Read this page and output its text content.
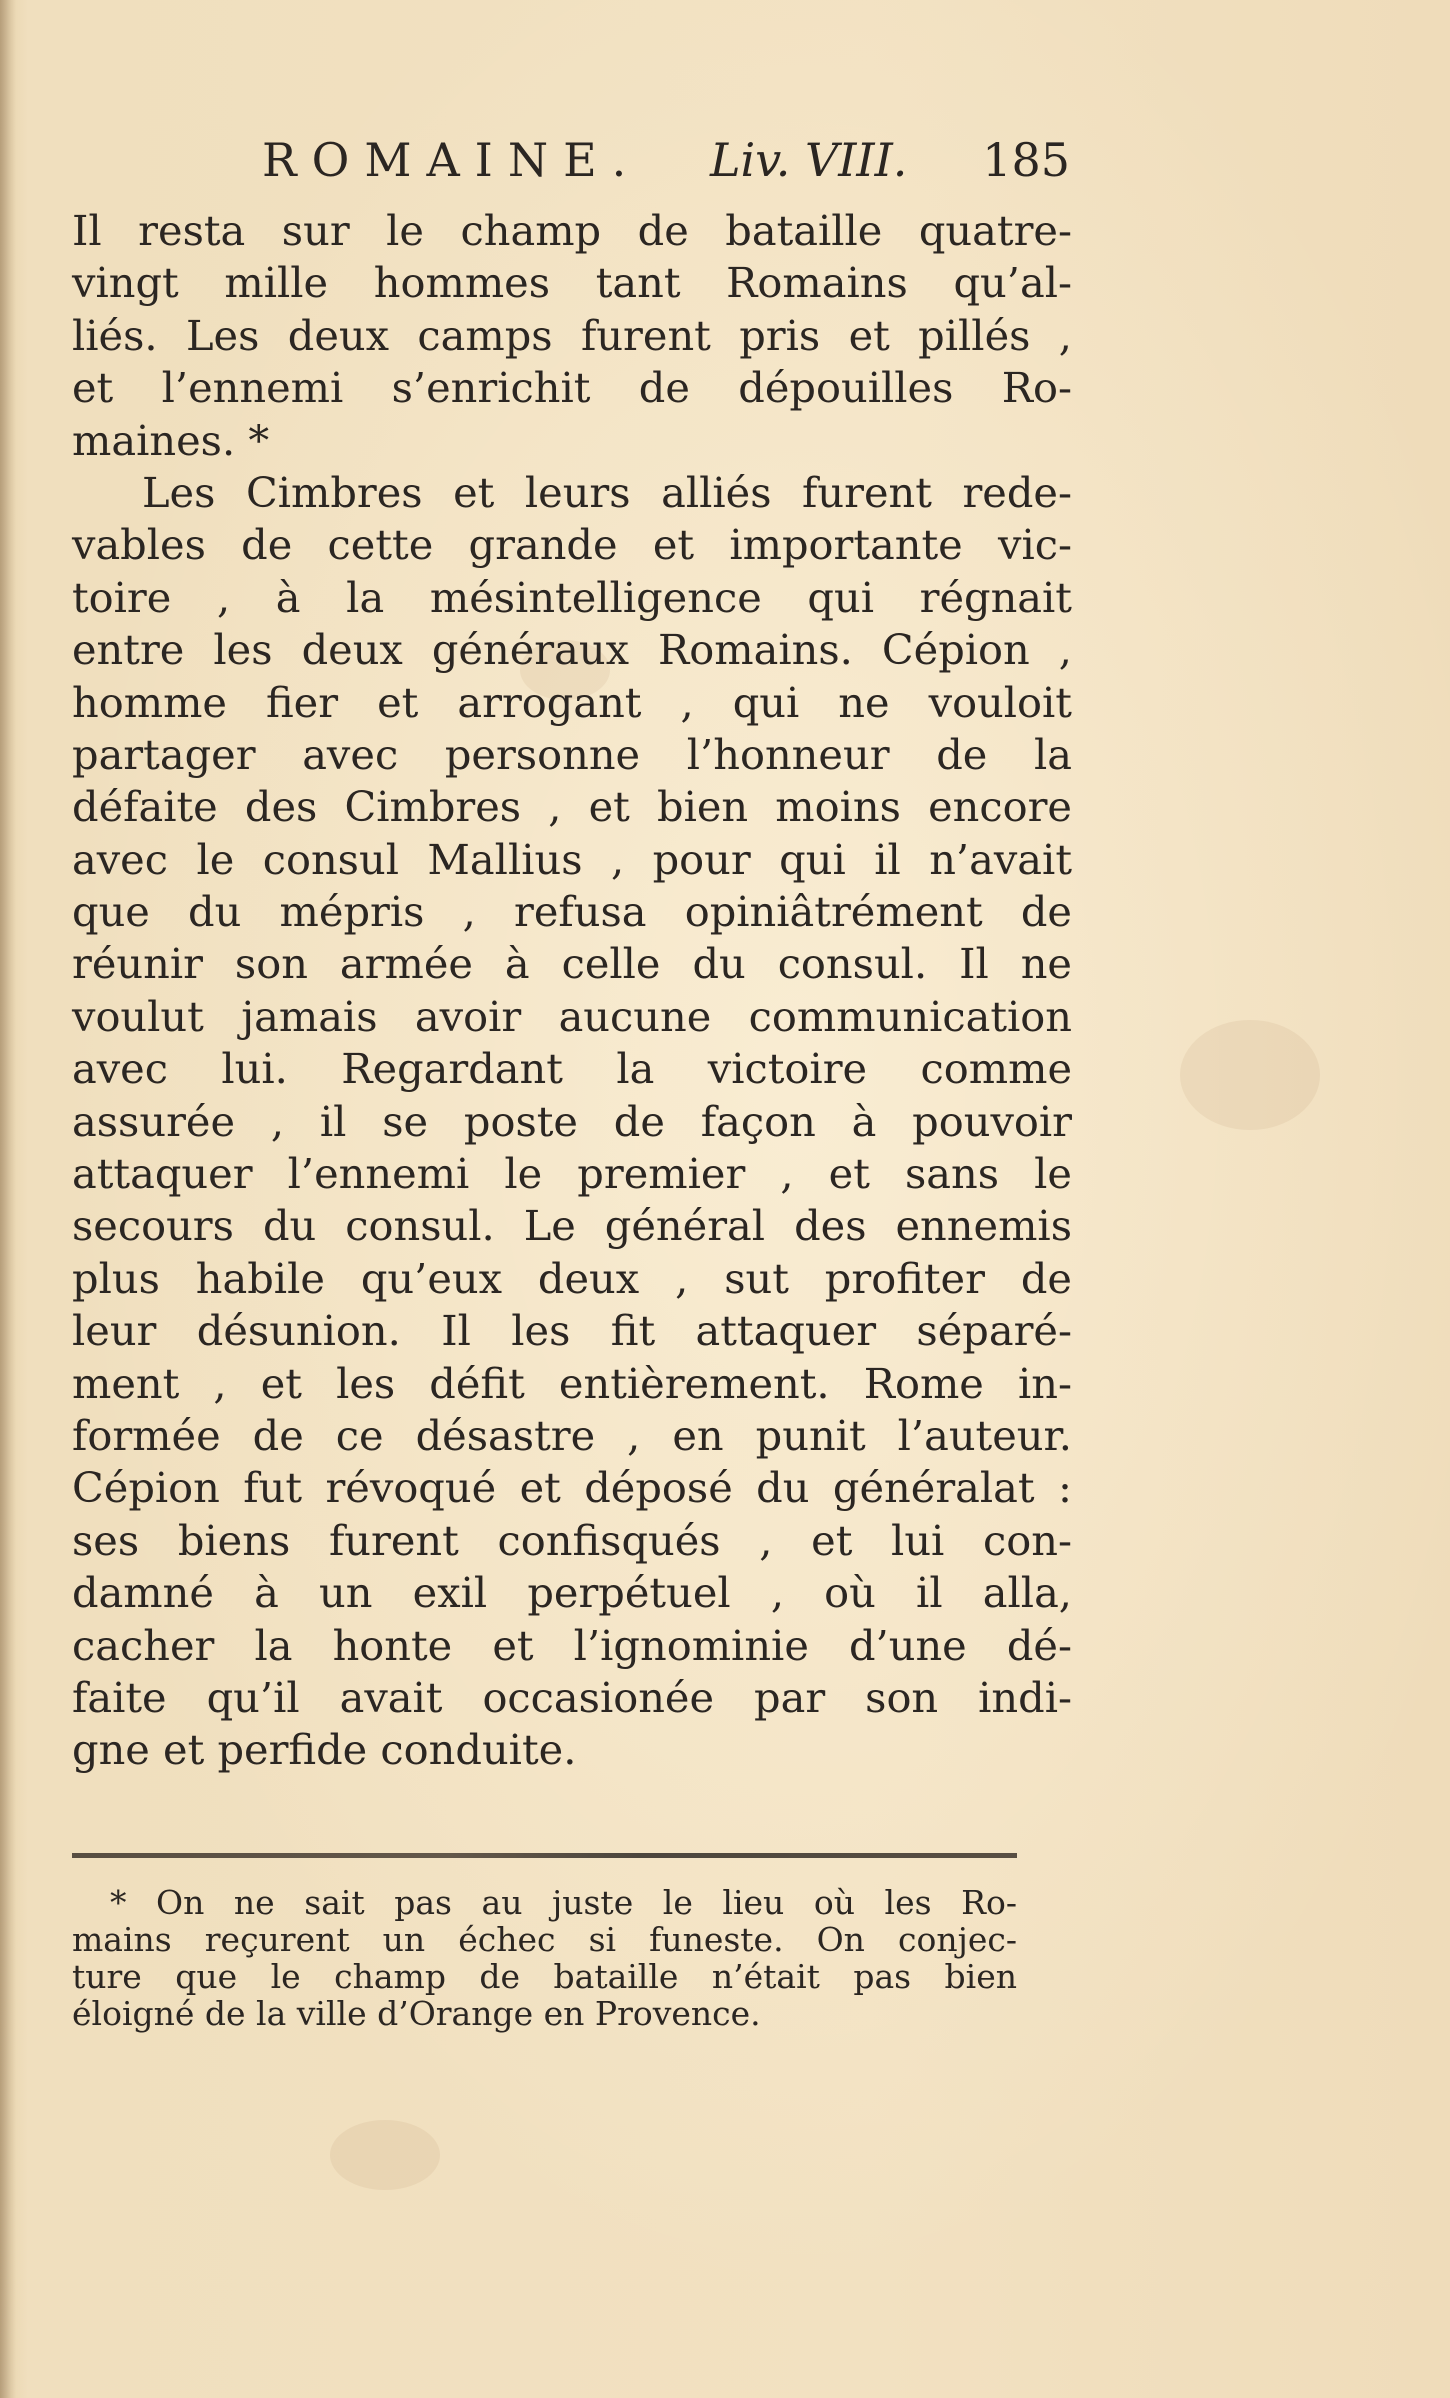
ROMAINE. Liv. VIII. 185
Il resta sur le champ de bataille quatre-
vingt mille hommes tant Romains qu’al-
liés. Les deux camps furent pris et pillés ,
et l’ennemi s’enrichit de dépouilles Ro-
maines. *
Les Cimbres et leurs alliés furent rede-
vables de cette grande et importante vic-
toire , à la mésintelligence qui régnait
entre les deux généraux Romains. Cépion ,
homme fier et arrogant , qui ne vouloit
partager avec personne l’honneur de la
défaite des Cimbres , et bien moins encore
avec le consul Mallius , pour qui il n’avait
que du mépris , refusa opiniâtrément de
réunir son armée à celle du consul. Il ne
voulut jamais avoir aucune communication
avec lui. Regardant la victoire comme
assurée , il se poste de façon à pouvoir
attaquer l’ennemi le premier , et sans le
secours du consul. Le général des ennemis
plus habile qu’eux deux , sut profiter de
leur désunion. Il les fit attaquer séparé-
ment , et les défit entièrement. Rome in-
formée de ce désastre , en punit l’auteur.
Cépion fut révoqué et déposé du généralat :
ses biens furent confisqués , et lui con-
damné à un exil perpétuel , où il alla,
cacher la honte et l’ignominie d’une dé-
faite qu’il avait occasionée par son indi-
gne et perfide conduite.
* On ne sait pas au juste le lieu où les Ro-
mains reçurent un échec si funeste. On conjec-
ture que le champ de bataille n’était pas bien
éloigné de la ville d’Orange en Provence.
